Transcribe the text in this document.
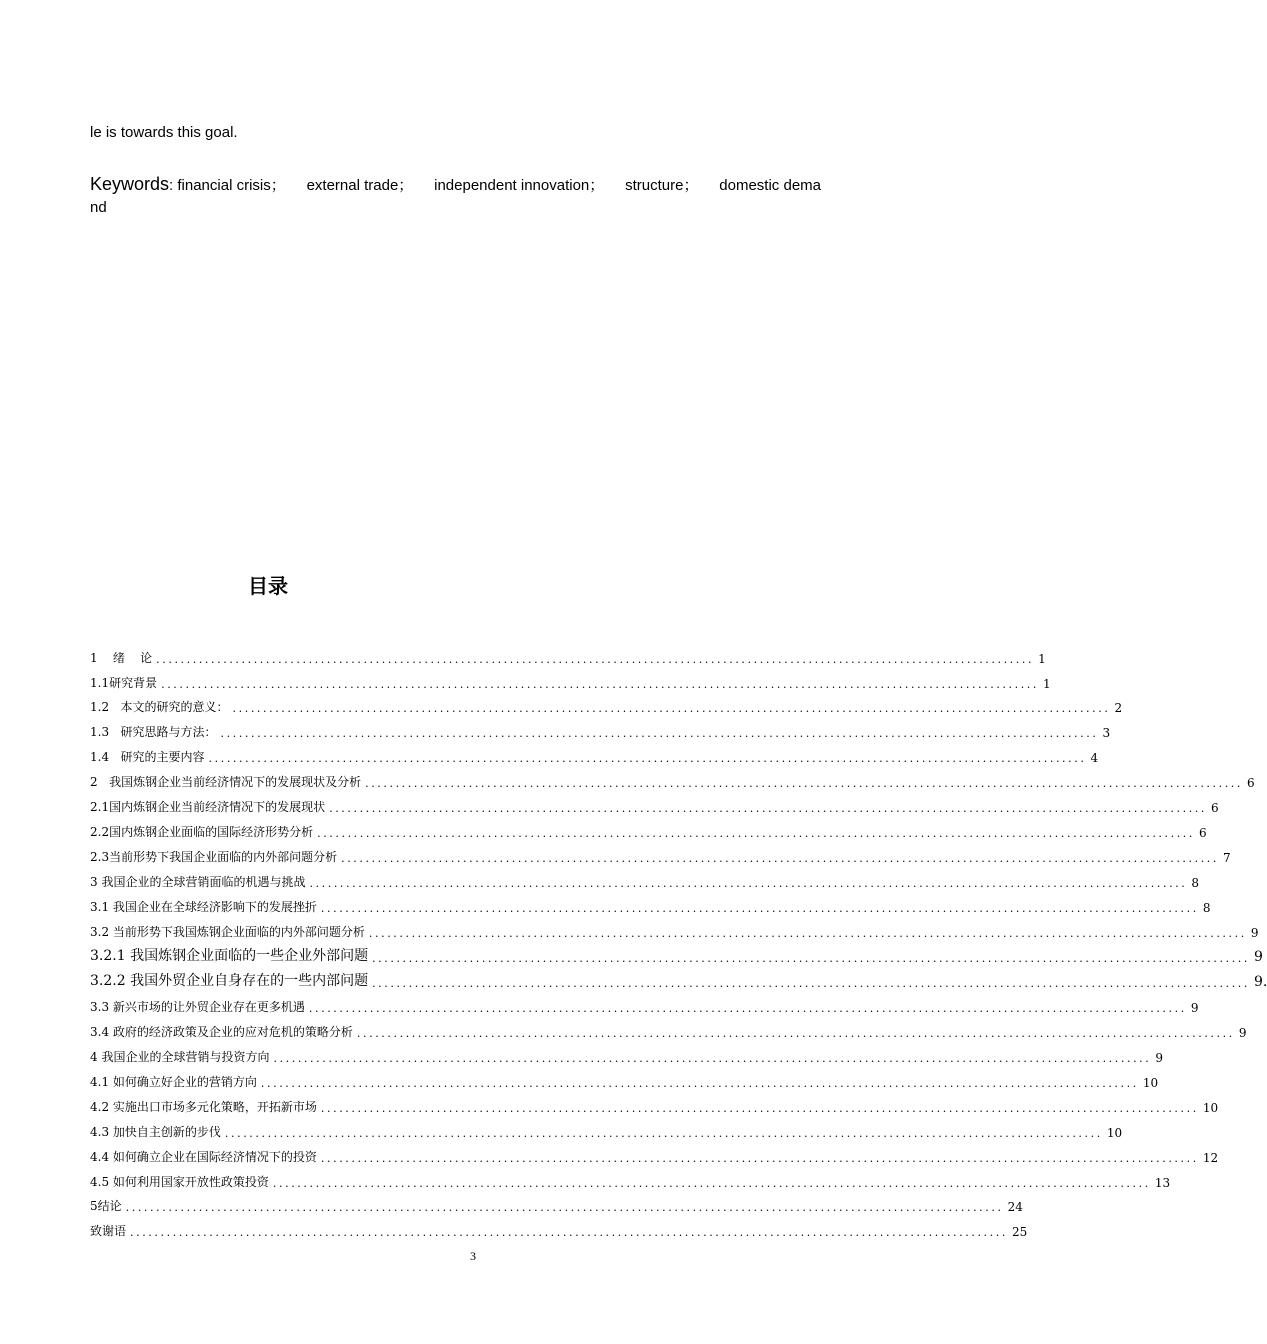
le is towards this goal.
Keywords: financial crisis；     external trade；     independent innovation；     structure；     domestic dema
nd
目录
1    绪    论 ................................................................................................................................................ 1
1.1研究背景 ................................................................................................................................................ 1
1.2   本文的研究的意义： ................................................................................................................................................ 2
1.3   研究思路与方法： ................................................................................................................................................ 3
1.4   研究的主要内容 ................................................................................................................................................ 4
2   我国炼钢企业当前经济情况下的发展现状及分析 ................................................................................................................................................ 6
2.1国内炼钢企业当前经济情况下的发展现状 ................................................................................................................................................ 6
2.2国内炼钢企业面临的国际经济形势分析 ................................................................................................................................................ 6
2.3当前形势下我国企业面临的内外部问题分析 ................................................................................................................................................ 7
3 我国企业的全球营销面临的机遇与挑战 ................................................................................................................................................ 8
3.1 我国企业在全球经济影响下的发展挫折 ................................................................................................................................................ 8
3.2 当前形势下我国炼钢企业面临的内外部问题分析 ................................................................................................................................................ 9
3.2.1 我国炼钢企业面临的一些企业外部问题 ................................................................................................................................................ 9
3.2.2 我国外贸企业自身存在的一些内部问题 ................................................................................................................................................ 9.
3.3 新兴市场的让外贸企业存在更多机遇 ................................................................................................................................................ 9
3.4 政府的经济政策及企业的应对危机的策略分析 ................................................................................................................................................ 9
4 我国企业的全球营销与投资方向 ................................................................................................................................................ 9
4.1 如何确立好企业的营销方向 ................................................................................................................................................ 10
4.2 实施出口市场多元化策略，开拓新市场 ................................................................................................................................................ 10
4.3 加快自主创新的步伐 ................................................................................................................................................ 10
4.4 如何确立企业在国际经济情况下的投资 ................................................................................................................................................ 12
4.5 如何利用国家开放性政策投资 ................................................................................................................................................ 13
5结论 ................................................................................................................................................ 24
致谢语 ................................................................................................................................................ 25
3
